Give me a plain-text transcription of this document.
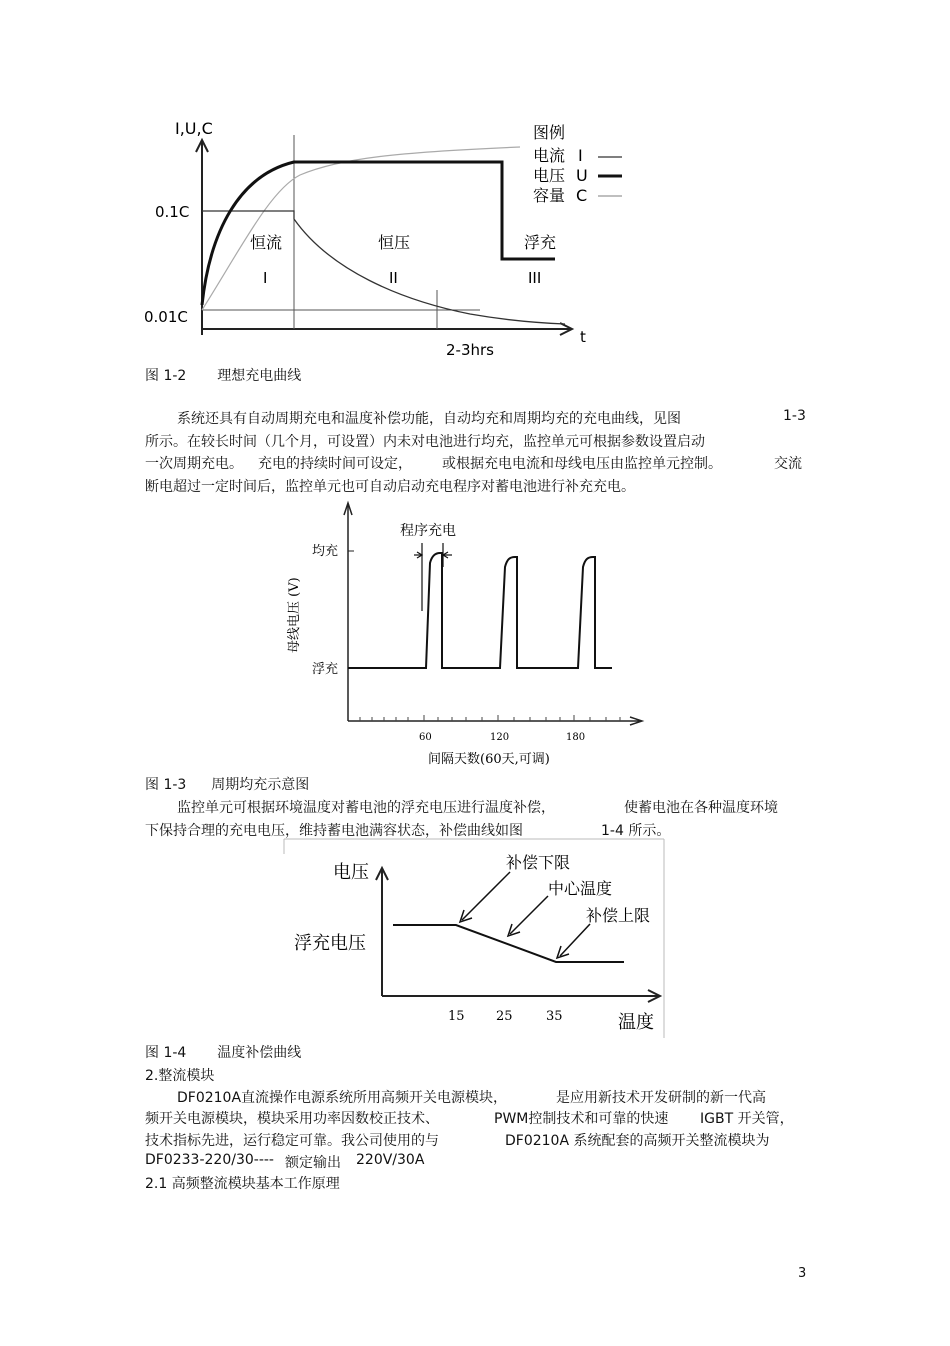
I,U,C
0.1C
0.01C
t
2-3hrs
恒流
I
恒压
II
浮充
III
图例
电流 I
电压 U
容量 C
图 1-2 理想充电曲线
系统还具有自动周期充电和温度补偿功能，自动均充和周期均充的充电曲线，见图	1-3
所示。在较长时间（几个月，可设置）内未对电池进行均充，监控单元可根据参数设置启动
一次周期充电。 充电的持续时间可设定， 或根据充电电流和母线电压由监控单元控制。	交流
断电超过一定时间后，监控单元也可自动启动充电程序对蓄电池进行补充充电。
程序充电
均充
浮充
母线电压 (V)
60	120	180
间隔天数(60天,可调)
图 1-3 周期均充示意图
监控单元可根据环境温度对蓄电池的浮充电压进行温度补偿，	使蓄电池在各种温度环境
下保持合理的充电电压，维持蓄电池满容状态，补偿曲线如图	1-4 所示。
电压
浮充电压
补偿下限
中心温度
补偿上限
15 25	35	温度
图 1-4 温度补偿曲线
2.整流模块
DF0210A直流操作电源系统所用高频开关电源模块，	是应用新技术开发研制的新一代高
频开关电源模块，模块采用功率因数校正技术、	PWM控制技术和可靠的快速 IGBT 开关管，
技术指标先进，运行稳定可靠。我公司使用的与	DF0210A 系统配套的高频开关整流模块为
DF0233-220/30---- 额定输出 220V/30A
2.1 高频整流模块基本工作原理
3
